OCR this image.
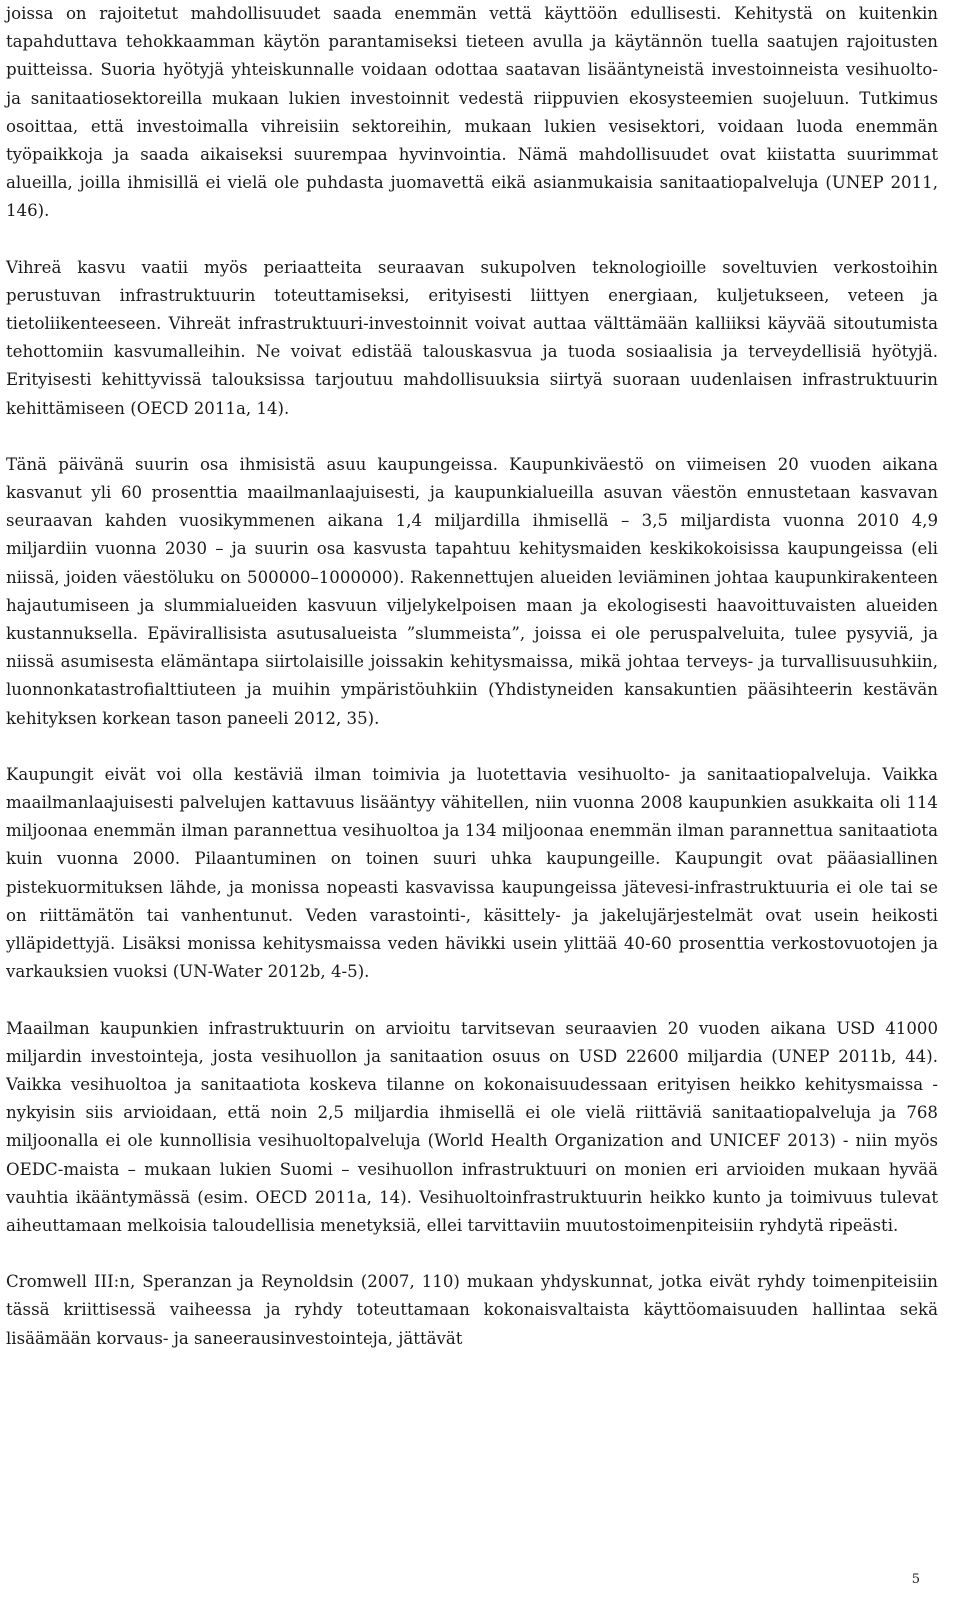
joissa on rajoitetut mahdollisuudet saada enemmän vettä käyttöön edullisesti. Kehitystä on kuitenkin tapahduttava tehokkaamman käytön parantamiseksi tieteen avulla ja käytännön tuella saatujen rajoitusten puitteissa. Suoria hyötyjä yhteiskunnalle voidaan odottaa saatavan lisääntyneistä investoinneista vesihuolto- ja sanitaatiosektoreilla mukaan lukien investoinnit vedestä riippuvien ekosysteemien suojeluun. Tutkimus osoittaa, että investoimalla vihreisiin sektoreihin, mukaan lukien vesisektori, voidaan luoda enemmän työpaikkoja ja saada aikaiseksi suurempaa hyvinvointia. Nämä mahdollisuudet ovat kiistatta suurimmat alueilla, joilla ihmisillä ei vielä ole puhdasta juomavettä eikä asianmukaisia sanitaatiopalveluja (UNEP 2011, 146).

Vihreä kasvu vaatii myös periaatteita seuraavan sukupolven teknologioille soveltuvien verkostoihin perustuvan infrastruktuurin toteuttamiseksi, erityisesti liittyen energiaan, kuljetukseen, veteen ja tietoliikenteeseen. Vihreät infrastruktuuri-investoinnit voivat auttaa välttämään kalliiksi käyvää sitoutumista tehottomiin kasvumalleihin. Ne voivat edistää talouskasvua ja tuoda sosiaalisia ja terveydellisiä hyötyjä. Erityisesti kehittyvissä talouksissa tarjoutuu mahdollisuuksia siirtyä suoraan uudenlaisen infrastruktuurin kehittämiseen (OECD 2011a, 14).

Tänä päivänä suurin osa ihmisistä asuu kaupungeissa. Kaupunkiväestö on viimeisen 20 vuoden aikana kasvanut yli 60 prosenttia maailmanlaajuisesti, ja kaupunkialueilla asuvan väestön ennustetaan kasvavan seuraavan kahden vuosikymmenen aikana 1,4 miljardilla ihmisellä – 3,5 miljardista vuonna 2010 4,9 miljardiin vuonna 2030 – ja suurin osa kasvusta tapahtuu kehitysmaiden keskikokoisissa kaupungeissa (eli niissä, joiden väestöluku on 500000–1000000). Rakennettujen alueiden leviäminen johtaa kaupunkirakenteen hajautumiseen ja slummialueiden kasvuun viljelykelpoisen maan ja ekologisesti haavoittuvaisten alueiden kustannuksella. Epävirallisista asutusalueista ”slummeista”, joissa ei ole peruspalveluita, tulee pysyviä, ja niissä asumisesta elämäntapa siirtolaisille joissakin kehitysmaissa, mikä johtaa terveys- ja turvallisuusuhkiin, luonnonkatastrofialttiuteen ja muihin ympäristöuhkiin (Yhdistyneiden kansakuntien pääsihteerin kestävän kehityksen korkean tason paneeli 2012, 35).

Kaupungit eivät voi olla kestäviä ilman toimivia ja luotettavia vesihuolto- ja sanitaatiopalveluja. Vaikka maailmanlaajuisesti palvelujen kattavuus lisääntyy vähitellen, niin vuonna 2008 kaupunkien asukkaita oli 114 miljoonaa enemmän ilman parannettua vesihuoltoa ja 134 miljoonaa enemmän ilman parannettua sanitaatiota kuin vuonna 2000. Pilaantuminen on toinen suuri uhka kaupungeille. Kaupungit ovat pääasiallinen pistekuormituksen lähde, ja monissa nopeasti kasvavissa kaupungeissa jätevesi-infrastruktuuria ei ole tai se on riittämätön tai vanhentunut. Veden varastointi-, käsittely- ja jakelujärjestelmät ovat usein heikosti ylläpidettyjä. Lisäksi monissa kehitysmaissa veden hävikki usein ylittää 40-60 prosenttia verkostovuotojen ja varkauksien vuoksi (UN-Water 2012b, 4-5).

Maailman kaupunkien infrastruktuurin on arvioitu tarvitsevan seuraavien 20 vuoden aikana USD 41000 miljardin investointeja, josta vesihuollon ja sanitaation osuus on USD 22600 miljardia (UNEP 2011b, 44). Vaikka vesihuoltoa ja sanitaatiota koskeva tilanne on kokonaisuudessaan erityisen heikko kehitysmaissa - nykyisin siis arvioidaan, että noin 2,5 miljardia ihmisellä ei ole vielä riittäviä sanitaatiopalveluja ja 768 miljoonalla ei ole kunnollisia vesihuoltopalveluja (World Health Organization and UNICEF 2013) - niin myös OEDC-maista – mukaan lukien Suomi – vesihuollon infrastruktuuri on monien eri arvioiden mukaan hyvää vauhtia ikääntymässä (esim. OECD 2011a, 14). Vesihuoltoinfrastruktuurin heikko kunto ja toimivuus tulevat aiheuttamaan melkoisia taloudellisia menetyksiä, ellei tarvittaviin muutostoimenpiteisiin ryhdytä ripeästi.

Cromwell III:n, Speranzan ja Reynoldsin (2007, 110) mukaan yhdyskunnat, jotka eivät ryhdy toimenpiteisiin tässä kriittisessä vaiheessa ja ryhdy toteuttamaan kokonaisvaltaista käyttöomaisuuden hallintaa sekä lisäämään korvaus- ja saneerausinvestointeja, jättävät

5
